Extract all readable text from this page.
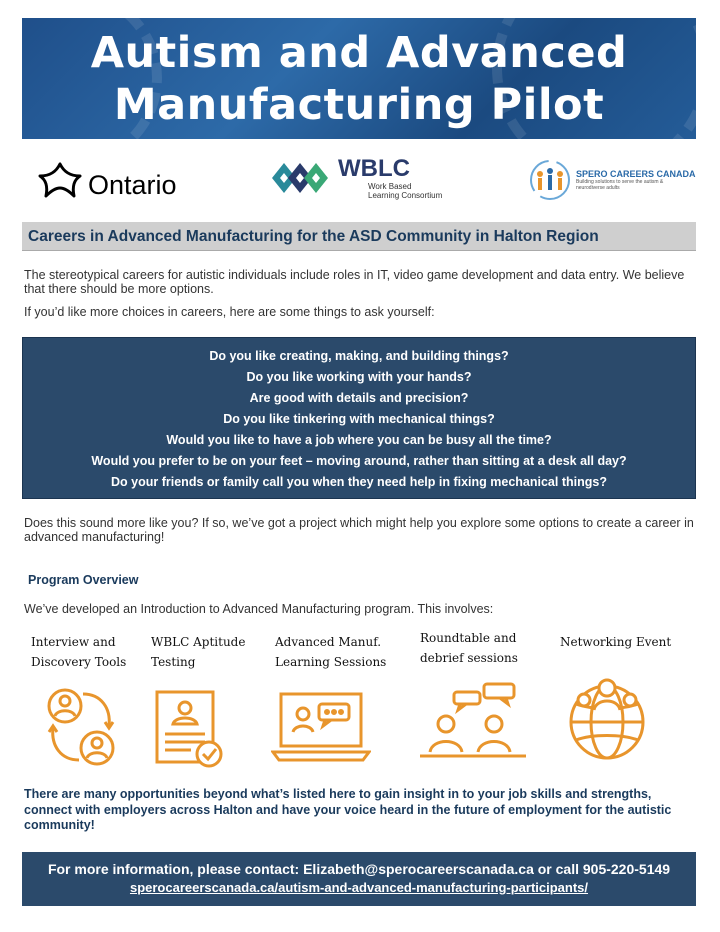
Autism and Advanced
Manufacturing Pilot
Ontario
WBLC
Work Based
Learning Consortium
SPERO CAREERS CANADA
Building solutions to serve the autism & neurodiverse adults
Careers in Advanced Manufacturing for the ASD Community in Halton Region
The stereotypical careers for autistic individuals include roles in IT, video game development and data entry. We believe that there should be more options.
If you’d like more choices in careers, here are some things to ask yourself:
Do you like creating, making, and building things?
Do you like working with your hands?
Are good with details and precision?
Do you like tinkering with mechanical things?
Would you like to have a job where you can be busy all the time?
Would you prefer to be on your feet – moving around, rather than sitting at a desk all day?
Do your friends or family call you when they need help in fixing mechanical things?
Does this sound more like you? If so, we’ve got a project which might help you explore some options to create a career in advanced manufacturing!
Program Overview
We’ve developed an Introduction to Advanced Manufacturing program. This involves:
Interview and
Discovery Tools
WBLC Aptitude
Testing
Advanced Manuf.
Learning Sessions
Roundtable and
debrief sessions
Networking Event
There are many opportunities beyond what’s listed here to gain insight in to your job skills and strengths, connect with employers across Halton and have your voice heard in the future of employment for the autistic community!
For more information, please contact: Elizabeth@sperocareerscanada.ca or call 905-220-5149
sperocareerscanada.ca/autism-and-advanced-manufacturing-participants/
